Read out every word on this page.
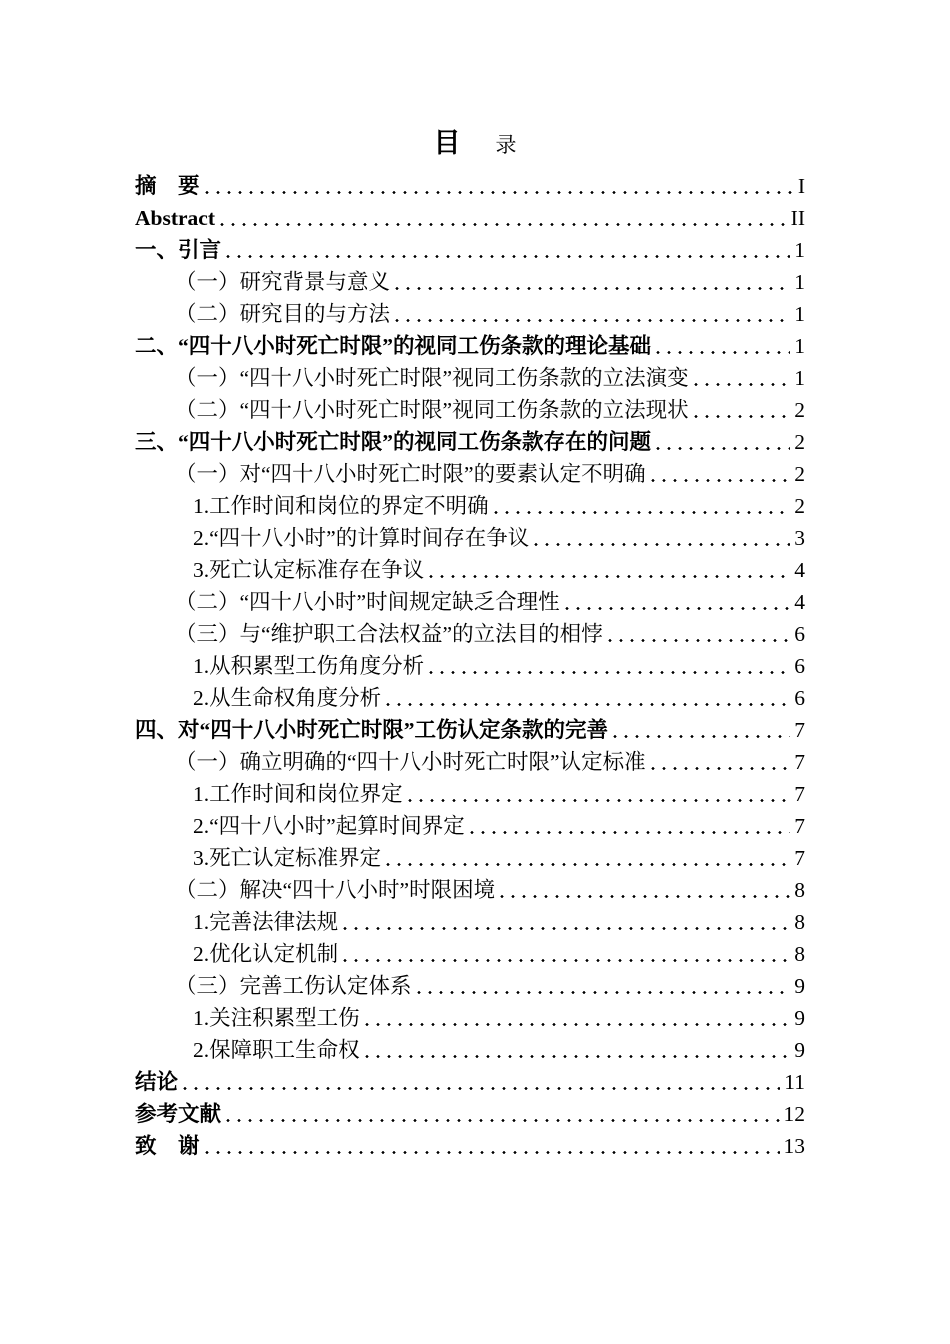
目 录
摘　要	I
Abstract	II
一、引言	1
（一）研究背景与意义	1
（二）研究目的与方法	1
二、“四十八小时死亡时限”的视同工伤条款的理论基础	1
（一）“四十八小时死亡时限”视同工伤条款的立法演变	1
（二）“四十八小时死亡时限”视同工伤条款的立法现状	2
三、“四十八小时死亡时限”的视同工伤条款存在的问题	2
（一）对“四十八小时死亡时限”的要素认定不明确	2
1.工作时间和岗位的界定不明确	2
2.“四十八小时”的计算时间存在争议	3
3.死亡认定标准存在争议	4
（二）“四十八小时”时间规定缺乏合理性	4
（三）与“维护职工合法权益”的立法目的相悖	6
1.从积累型工伤角度分析	6
2.从生命权角度分析	6
四、对“四十八小时死亡时限”工伤认定条款的完善	7
（一）确立明确的“四十八小时死亡时限”认定标准	7
1.工作时间和岗位界定	7
2.“四十八小时”起算时间界定	7
3.死亡认定标准界定	7
（二）解决“四十八小时”时限困境	8
1.完善法律法规	8
2.优化认定机制	8
（三）完善工伤认定体系	9
1.关注积累型工伤	9
2.保障职工生命权	9
结论	11
参考文献	12
致　谢	13
